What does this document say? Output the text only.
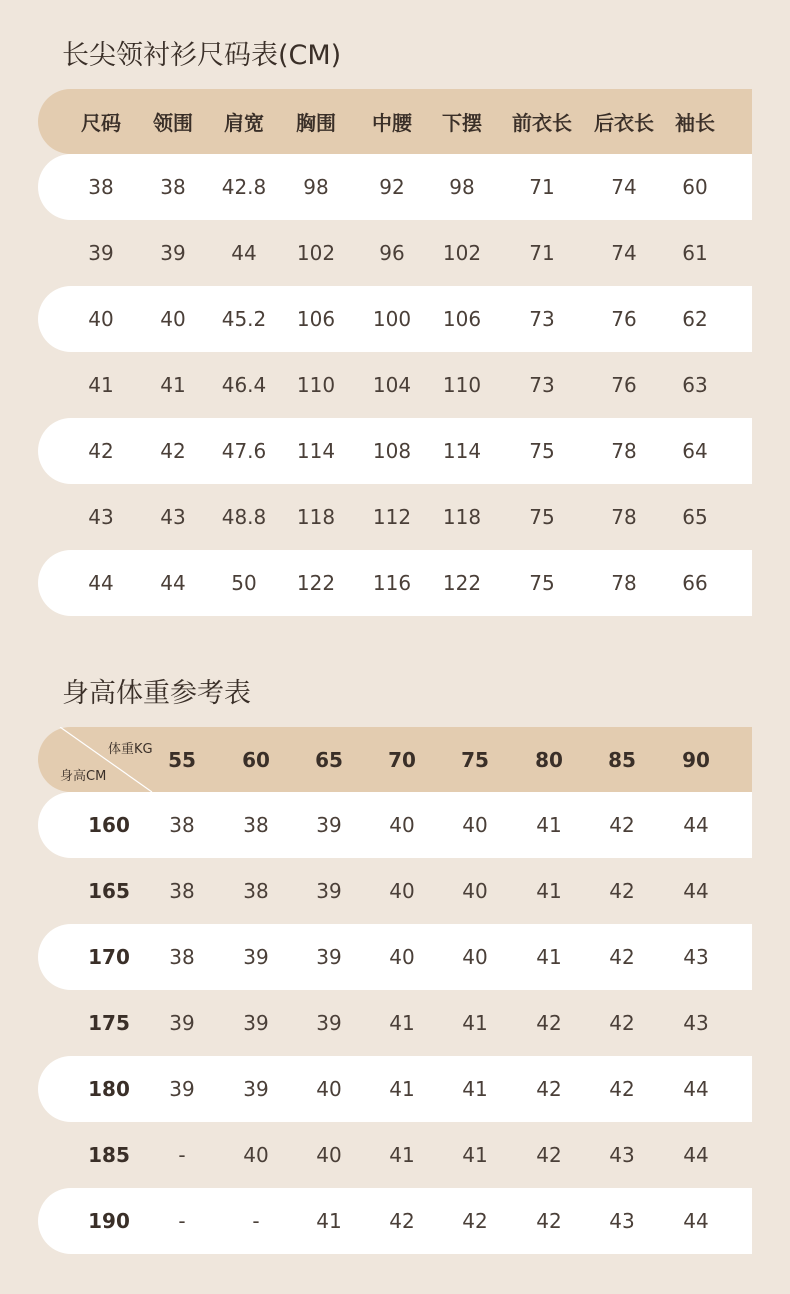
长尖领衬衫尺码表(CM)
尺码 领围 肩宽 胸围 中腰 下摆 前衣长 后衣长 袖长
38 38 42.8 98	92 98	71	74 60
39 39 44 102 96 102 71	74 61
40 40 45.2 106 100 106 73	76 62
41 41 46.4 110 104 110 73	76 63
42 42 47.6 114 108 114 75	78 64
43 43 48.8 118 112 118 75	78 65
44 44 50 122 116 122 75	78 66
身高体重参考表
体重KG
身高CM
55 60 65 70 75 80 85 90
160 38 38 39 40 40 41 42 44
165 38 38 39 40 40 41 42 44
170 38 39 39 40 40 41 42 43
175 39 39 39 41 41 42 42 43
180 39 39 40 41 41 42 42 44
185 -	40 40 41 41 42 43 44
190 -	-	41 42 42 42 43 44
